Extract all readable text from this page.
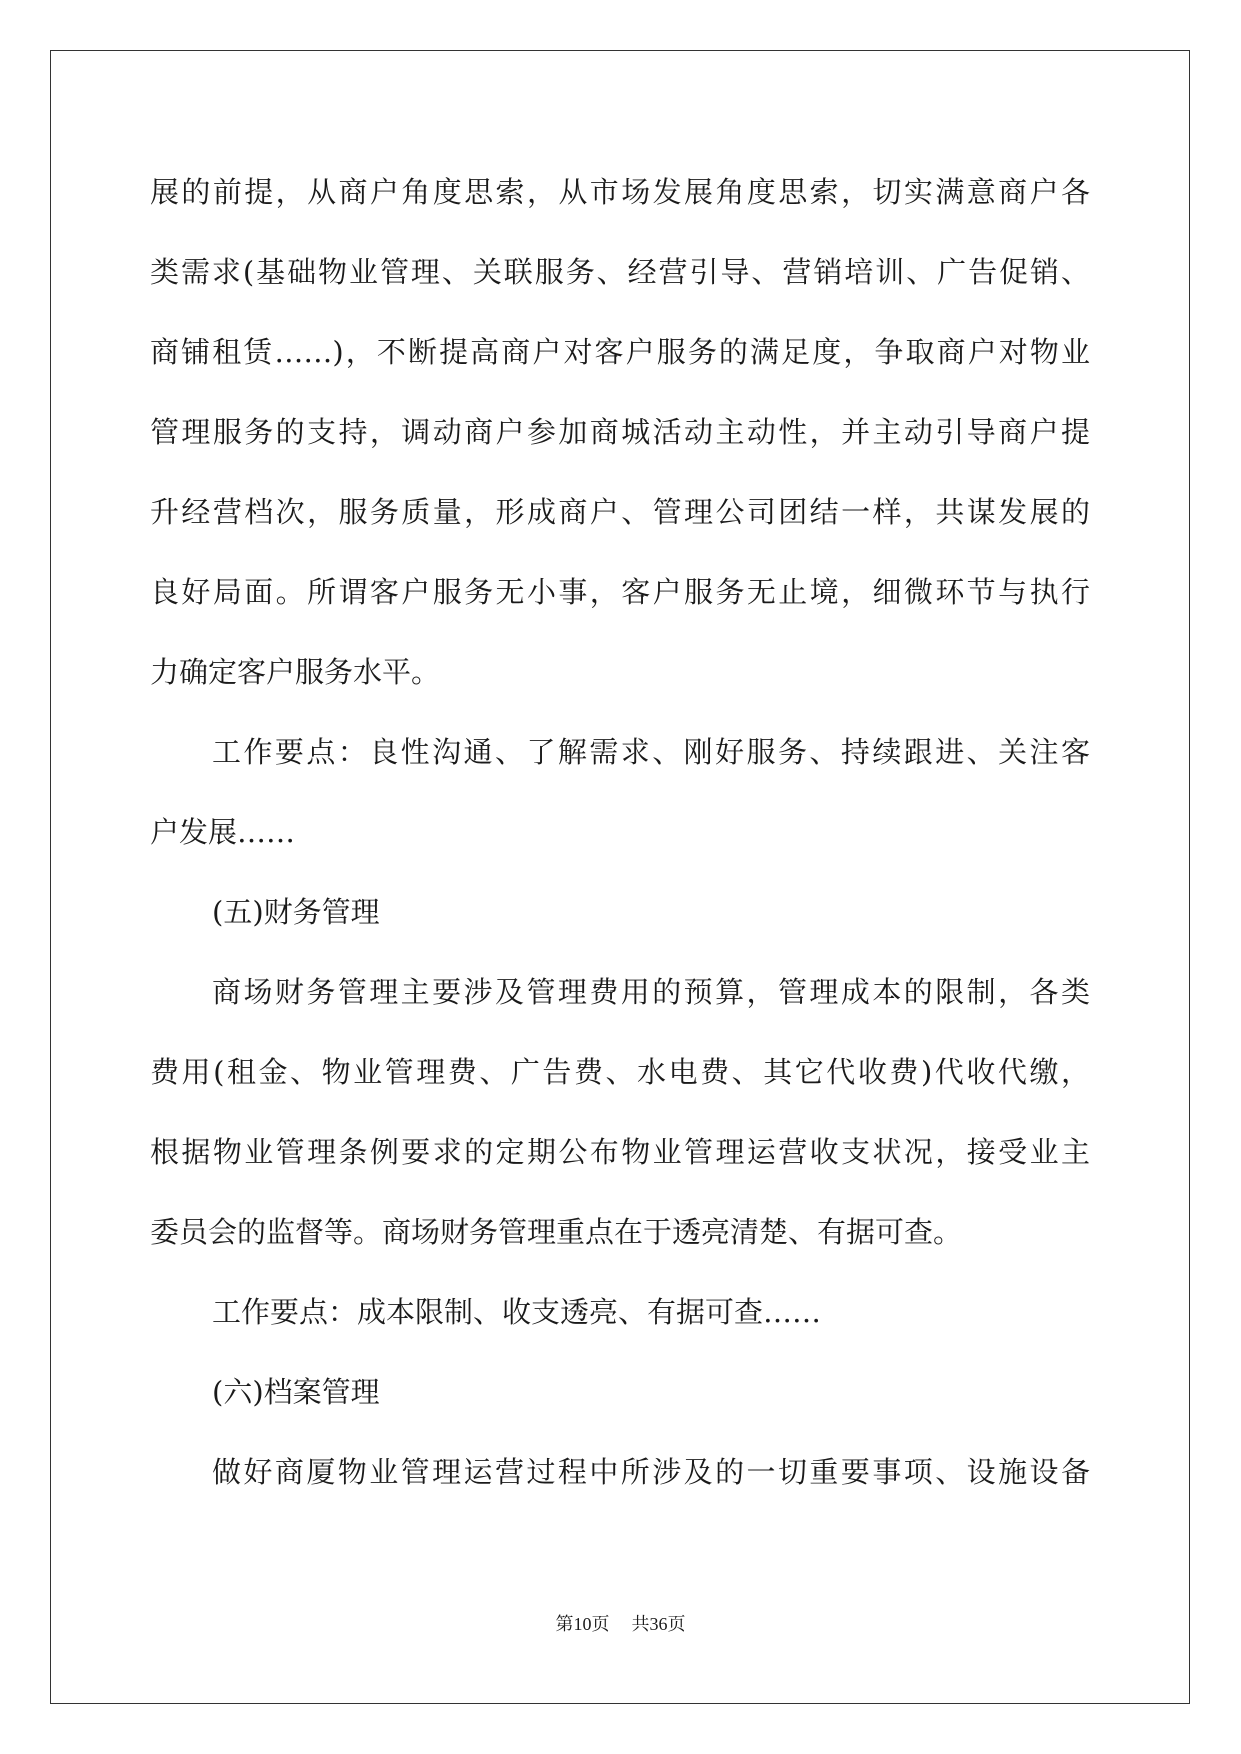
展的前提，从商户角度思索，从市场发展角度思索，切实满意商户各
类需求(基础物业管理、关联服务、经营引导、营销培训、广告促销、
商铺租赁……)，不断提高商户对客户服务的满足度，争取商户对物业
管理服务的支持，调动商户参加商城活动主动性，并主动引导商户提
升经营档次，服务质量，形成商户、管理公司团结一样，共谋发展的
良好局面。所谓客户服务无小事，客户服务无止境，细微环节与执行
力确定客户服务水平。
工作要点：良性沟通、了解需求、刚好服务、持续跟进、关注客
户发展……
(五)财务管理
商场财务管理主要涉及管理费用的预算，管理成本的限制，各类
费用(租金、物业管理费、广告费、水电费、其它代收费)代收代缴，
根据物业管理条例要求的定期公布物业管理运营收支状况，接受业主
委员会的监督等。商场财务管理重点在于透亮清楚、有据可查。
工作要点：成本限制、收支透亮、有据可查……
(六)档案管理
做好商厦物业管理运营过程中所涉及的一切重要事项、设施设备
第10页 共36页
